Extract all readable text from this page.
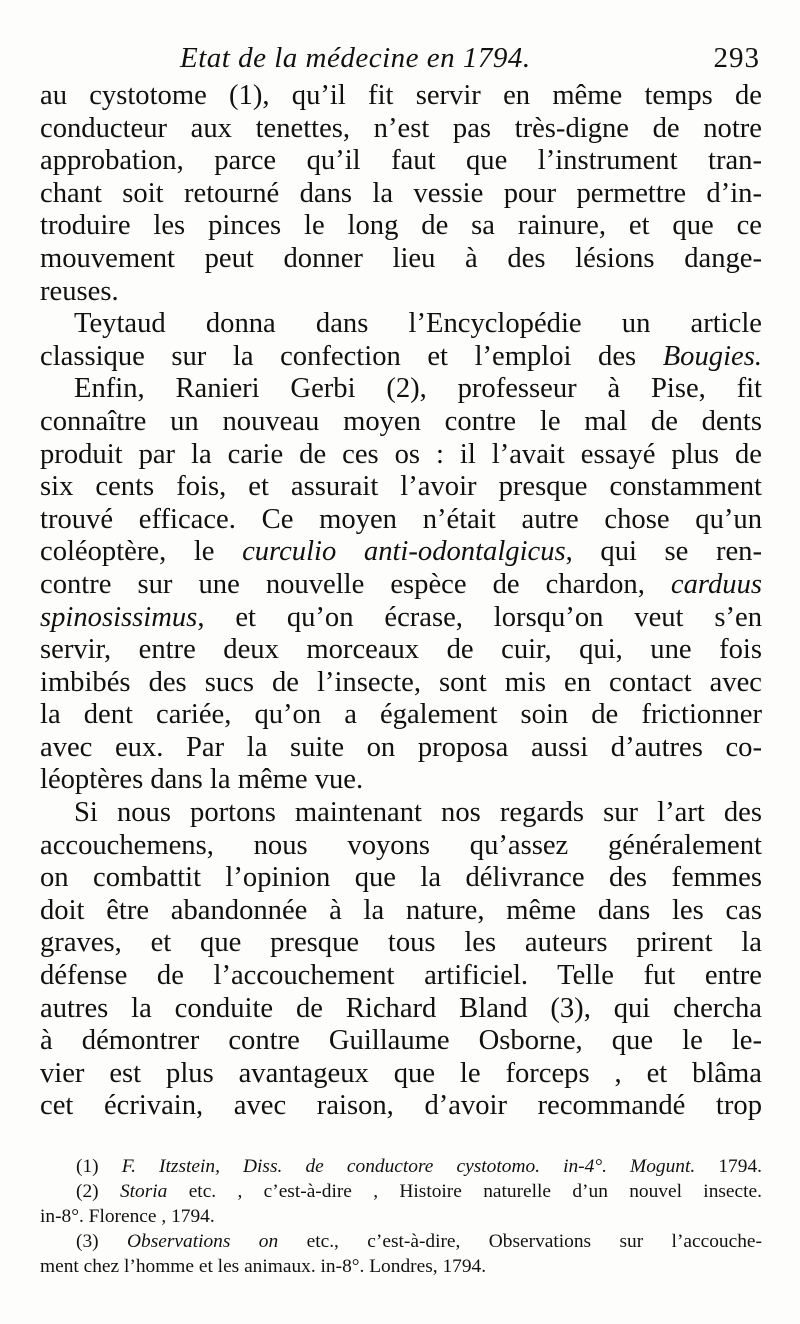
Etat de la médecine en 1794.	293
au cystotome (1), qu’il fit servir en même temps de
conducteur aux tenettes, n’est pas très-digne de notre
approbation, parce qu’il faut que l’instrument tran-
chant soit retourné dans la vessie pour permettre d’in-
troduire les pinces le long de sa rainure, et que ce
mouvement peut donner lieu à des lésions dange-
reuses.
Teytaud donna dans l’Encyclopédie un article
classique sur la confection et l’emploi des Bougies.
Enfin, Ranieri Gerbi (2), professeur à Pise, fit
connaître un nouveau moyen contre le mal de dents
produit par la carie de ces os : il l’avait essayé plus de
six cents fois, et assurait l’avoir presque constamment
trouvé efficace. Ce moyen n’était autre chose qu’un
coléoptère, le curculio anti-odontalgicus, qui se ren-
contre sur une nouvelle espèce de chardon, carduus
spinosissimus, et qu’on écrase, lorsqu’on veut s’en
servir, entre deux morceaux de cuir, qui, une fois
imbibés des sucs de l’insecte, sont mis en contact avec
la dent cariée, qu’on a également soin de frictionner
avec eux. Par la suite on proposa aussi d’autres co-
léoptères dans la même vue.
Si nous portons maintenant nos regards sur l’art des
accouchemens, nous voyons qu’assez généralement
on combattit l’opinion que la délivrance des femmes
doit être abandonnée à la nature, même dans les cas
graves, et que presque tous les auteurs prirent la
défense de l’accouchement artificiel. Telle fut entre
autres la conduite de Richard Bland (3), qui chercha
à démontrer contre Guillaume Osborne, que le le-
vier est plus avantageux que le forceps , et blâma
cet écrivain, avec raison, d’avoir recommandé trop
(1) F. Itzstein, Diss. de conductore cystotomo. in-4°. Mogunt. 1794.
(2) Storia etc. , c’est-à-dire , Histoire naturelle d’un nouvel insecte.
in-8°. Florence , 1794.
(3) Observations on etc., c’est-à-dire, Observations sur l’accouche-
ment chez l’homme et les animaux. in-8°. Londres, 1794.
